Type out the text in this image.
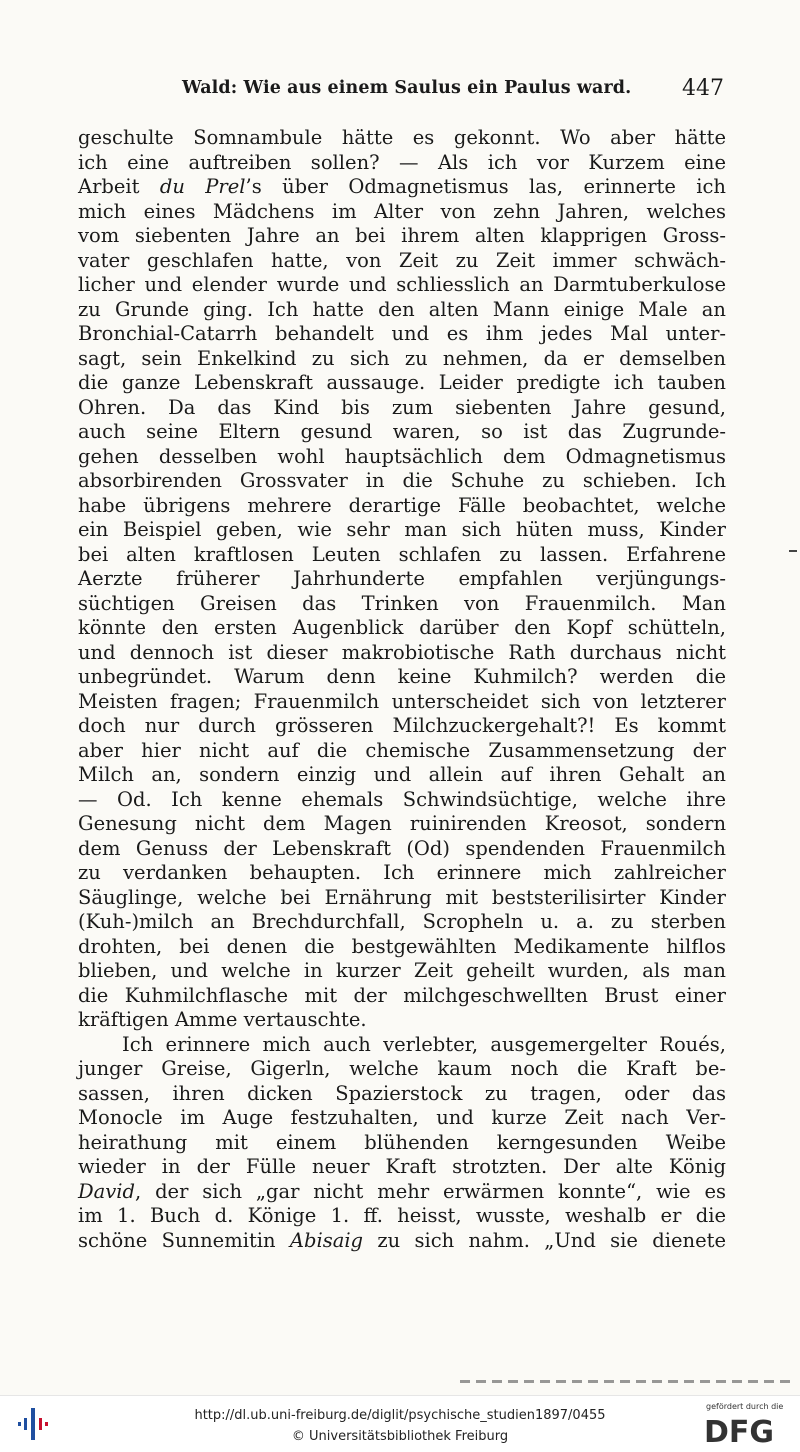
Wald: Wie aus einem Saulus ein Paulus ward. 447
geschulte Somnambule hätte es gekonnt. Wo aber hätte
ich eine auftreiben sollen? — Als ich vor Kurzem eine
Arbeit du Prel’s über Odmagnetismus las, erinnerte ich
mich eines Mädchens im Alter von zehn Jahren, welches
vom siebenten Jahre an bei ihrem alten klapprigen Gross-
vater geschlafen hatte, von Zeit zu Zeit immer schwäch-
licher und elender wurde und schliesslich an Darmtuberkulose
zu Grunde ging. Ich hatte den alten Mann einige Male an
Bronchial-Catarrh behandelt und es ihm jedes Mal unter-
sagt, sein Enkelkind zu sich zu nehmen, da er demselben
die ganze Lebenskraft aussauge. Leider predigte ich tauben
Ohren. Da das Kind bis zum siebenten Jahre gesund,
auch seine Eltern gesund waren, so ist das Zugrunde-
gehen desselben wohl hauptsächlich dem Odmagnetismus
absorbirenden Grossvater in die Schuhe zu schieben. Ich
habe übrigens mehrere derartige Fälle beobachtet, welche
ein Beispiel geben, wie sehr man sich hüten muss, Kinder
bei alten kraftlosen Leuten schlafen zu lassen. Erfahrene
Aerzte früherer Jahrhunderte empfahlen verjüngungs-
süchtigen Greisen das Trinken von Frauenmilch. Man
könnte den ersten Augenblick darüber den Kopf schütteln,
und dennoch ist dieser makrobiotische Rath durchaus nicht
unbegründet. Warum denn keine Kuhmilch? werden die
Meisten fragen; Frauenmilch unterscheidet sich von letzterer
doch nur durch grösseren Milchzuckergehalt?! Es kommt
aber hier nicht auf die chemische Zusammensetzung der
Milch an, sondern einzig und allein auf ihren Gehalt an
— Od. Ich kenne ehemals Schwindsüchtige, welche ihre
Genesung nicht dem Magen ruinirenden Kreosot, sondern
dem Genuss der Lebenskraft (Od) spendenden Frauenmilch
zu verdanken behaupten. Ich erinnere mich zahlreicher
Säuglinge, welche bei Ernährung mit beststerilisirter Kinder
(Kuh-)milch an Brechdurchfall, Scropheln u. a. zu sterben
drohten, bei denen die bestgewählten Medikamente hilflos
blieben, und welche in kurzer Zeit geheilt wurden, als man
die Kuhmilchflasche mit der milchgeschwellten Brust einer
kräftigen Amme vertauschte.
Ich erinnere mich auch verlebter, ausgemergelter Roués,
junger Greise, Gigerln, welche kaum noch die Kraft be-
sassen, ihren dicken Spazierstock zu tragen, oder das
Monocle im Auge festzuhalten, und kurze Zeit nach Ver-
heirathung mit einem blühenden kerngesunden Weibe
wieder in der Fülle neuer Kraft strotzten. Der alte König
David, der sich „gar nicht mehr erwärmen konnte“, wie es
im 1. Buch d. Könige 1. ff. heisst, wusste, weshalb er die
schöne Sunnemitin Abisaig zu sich nahm. „Und sie dienete
http://dl.ub.uni-freiburg.de/diglit/psychische_studien1897/0455
© Universitätsbibliothek Freiburg
gefördert durch die
DFG
